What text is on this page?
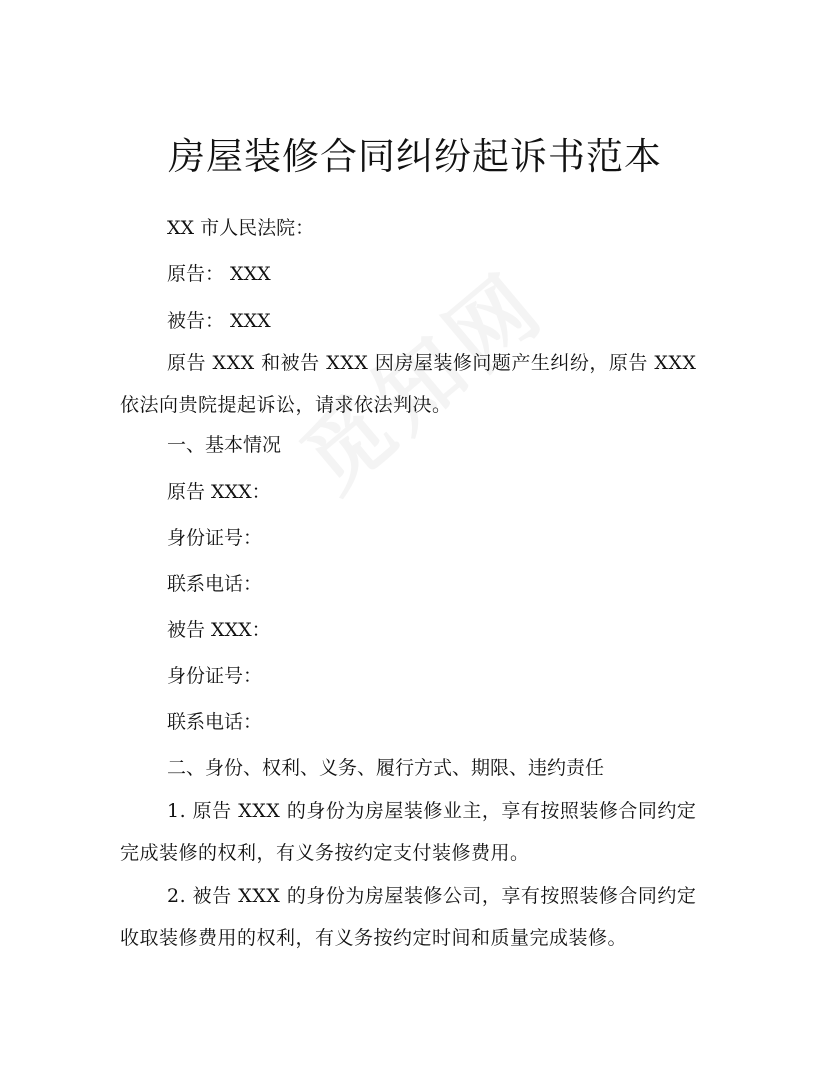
房屋装修合同纠纷起诉书范本
XX 市人民法院：
原告： XXX
被告： XXX
原告 XXX 和被告 XXX 因房屋装修问题产生纠纷，原告 XXX 依法向贵院提起诉讼，请求依法判决。
一、基本情况
原告 XXX：
身份证号：
联系电话：
被告 XXX：
身份证号：
联系电话：
二、身份、权利、义务、履行方式、期限、违约责任
1. 原告 XXX 的身份为房屋装修业主，享有按照装修合同约定完成装修的权利，有义务按约定支付装修费用。
2. 被告 XXX 的身份为房屋装修公司，享有按照装修合同约定收取装修费用的权利，有义务按约定时间和质量完成装修。
